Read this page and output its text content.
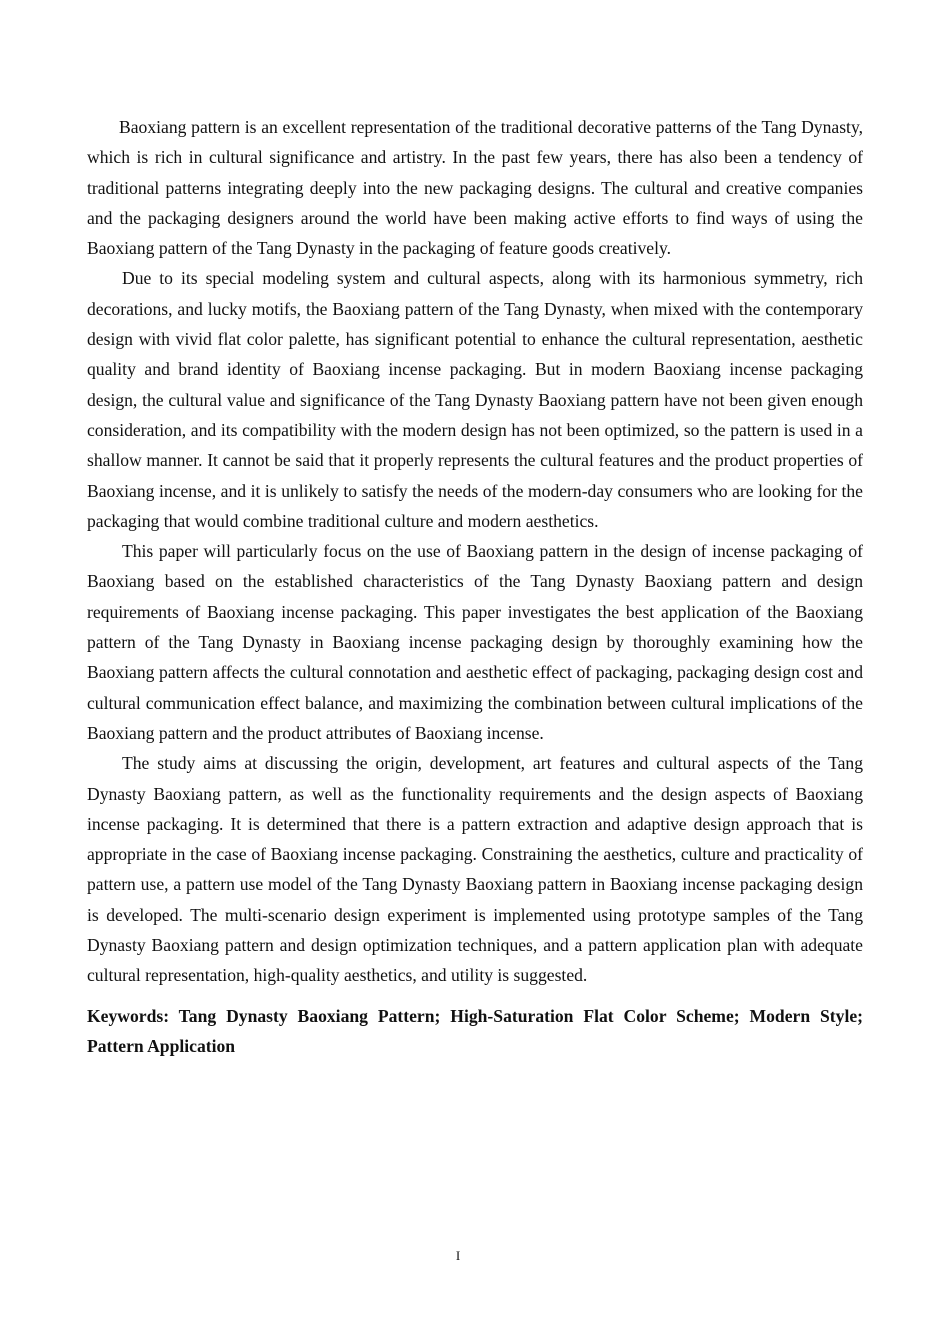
Baoxiang pattern is an excellent representation of the traditional decorative patterns of the Tang Dynasty, which is rich in cultural significance and artistry. In the past few years, there has also been a tendency of traditional patterns integrating deeply into the new packaging designs. The cultural and creative companies and the packaging designers around the world have been making active efforts to find ways of using the Baoxiang pattern of the Tang Dynasty in the packaging of feature goods creatively.

Due to its special modeling system and cultural aspects, along with its harmonious symmetry, rich decorations, and lucky motifs, the Baoxiang pattern of the Tang Dynasty, when mixed with the contemporary design with vivid flat color palette, has significant potential to enhance the cultural representation, aesthetic quality and brand identity of Baoxiang incense packaging. But in modern Baoxiang incense packaging design, the cultural value and significance of the Tang Dynasty Baoxiang pattern have not been given enough consideration, and its compatibility with the modern design has not been optimized, so the pattern is used in a shallow manner. It cannot be said that it properly represents the cultural features and the product properties of Baoxiang incense, and it is unlikely to satisfy the needs of the modern-day consumers who are looking for the packaging that would combine traditional culture and modern aesthetics.

This paper will particularly focus on the use of Baoxiang pattern in the design of incense packaging of Baoxiang based on the established characteristics of the Tang Dynasty Baoxiang pattern and design requirements of Baoxiang incense packaging. This paper investigates the best application of the Baoxiang pattern of the Tang Dynasty in Baoxiang incense packaging design by thoroughly examining how the Baoxiang pattern affects the cultural connotation and aesthetic effect of packaging, packaging design cost and cultural communication effect balance, and maximizing the combination between cultural implications of the Baoxiang pattern and the product attributes of Baoxiang incense.

The study aims at discussing the origin, development, art features and cultural aspects of the Tang Dynasty Baoxiang pattern, as well as the functionality requirements and the design aspects of Baoxiang incense packaging. It is determined that there is a pattern extraction and adaptive design approach that is appropriate in the case of Baoxiang incense packaging. Constraining the aesthetics, culture and practicality of pattern use, a pattern use model of the Tang Dynasty Baoxiang pattern in Baoxiang incense packaging design is developed. The multi-scenario design experiment is implemented using prototype samples of the Tang Dynasty Baoxiang pattern and design optimization techniques, and a pattern application plan with adequate cultural representation, high-quality aesthetics, and utility is suggested.

Keywords: Tang Dynasty Baoxiang Pattern; High-Saturation Flat Color Scheme; Modern Style; Pattern Application

I
